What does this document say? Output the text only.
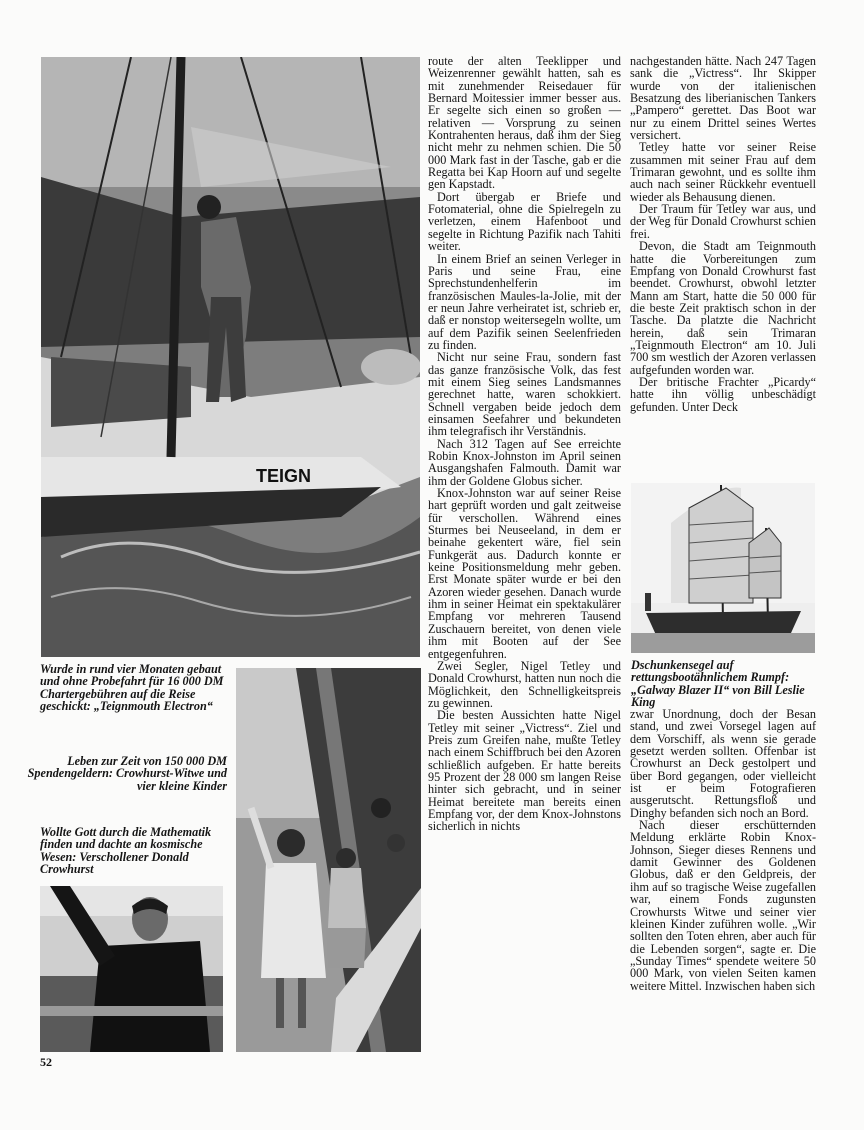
TEIGN
Wurde in rund vier Monaten gebaut und ohne Probefahrt für 16 000 DM Chartergebühren auf die Reise geschickt: „Teignmouth Electron“
Leben zur Zeit von 150 000 DM Spendengeldern: Crowhurst-Witwe und vier kleine Kinder
Wollte Gott durch die Mathematik finden und dachte an kosmische Wesen: Verschollener Donald Crowhurst
Dschunkensegel auf rettungsbootähnlichem Rumpf: „Galway Blazer II“ von Bill Leslie King

route der alten Teeklipper und Weizenrenner gewählt hatten, sah es mit zunehmender Reisedauer für Bernard Moitessier immer besser aus. Er segelte sich einen so großen — relativen — Vorsprung zu seinen Kontrahenten heraus, daß ihm der Sieg nicht mehr zu nehmen schien. Die 50 000 Mark fast in der Tasche, gab er die Regatta bei Kap Hoorn auf und segelte gen Kapstadt.

Dort übergab er Briefe und Fotomaterial, ohne die Spielregeln zu verletzen, einem Hafenboot und segelte in Richtung Pazifik nach Tahiti weiter.

In einem Brief an seinen Verleger in Paris und seine Frau, eine Sprechstundenhelferin im französischen Maules-la-Jolie, mit der er neun Jahre verheiratet ist, schrieb er, daß er nonstop weitersegeln wollte, um auf dem Pazifik seinen Seelenfrieden zu finden.

Nicht nur seine Frau, sondern fast das ganze französische Volk, das fest mit einem Sieg seines Landsmannes gerechnet hatte, waren schokkiert. Schnell vergaben beide jedoch dem einsamen Seefahrer und bekundeten ihm telegrafisch ihr Verständnis.

Nach 312 Tagen auf See erreichte Robin Knox-Johnston im April seinen Ausgangshafen Falmouth. Damit war ihm der Goldene Globus sicher.

Knox-Johnston war auf seiner Reise hart geprüft worden und galt zeitweise für verschollen. Während eines Sturmes bei Neuseeland, in dem er beinahe gekentert wäre, fiel sein Funkgerät aus. Dadurch konnte er keine Positionsmeldung mehr geben. Erst Monate später wurde er bei den Azoren wieder gesehen. Danach wurde ihm in seiner Heimat ein spektakulärer Empfang vor mehreren Tausend Zuschauern bereitet, von denen viele ihm mit Booten auf der See entgegenfuhren.

Zwei Segler, Nigel Tetley und Donald Crowhurst, hatten nun noch die Möglichkeit, den Schnelligkeitspreis zu gewinnen.

Die besten Aussichten hatte Nigel Tetley mit seiner „Victress“. Ziel und Preis zum Greifen nahe, mußte Tetley nach einem Schiffbruch bei den Azoren schließlich aufgeben. Er hatte bereits 95 Prozent der 28 000 sm langen Reise hinter sich gebracht, und in seiner Heimat bereitete man bereits einen Empfang vor, der dem Knox-Johnstons sicherlich in nichts

nachgestanden hätte. Nach 247 Tagen sank die „Victress“. Ihr Skipper wurde von der italienischen Besatzung des liberianischen Tankers „Pampero“ gerettet. Das Boot war nur zu einem Drittel seines Wertes versichert.

Tetley hatte vor seiner Reise zusammen mit seiner Frau auf dem Trimaran gewohnt, und es sollte ihm auch nach seiner Rückkehr eventuell wieder als Behausung dienen.

Der Traum für Tetley war aus, und der Weg für Donald Crowhurst schien frei.

Devon, die Stadt am Teignmouth hatte die Vorbereitungen zum Empfang von Donald Crowhurst fast beendet. Crowhurst, obwohl letzter Mann am Start, hatte die 50 000 für die beste Zeit praktisch schon in der Tasche. Da platzte die Nachricht herein, daß sein Trimaran „Teignmouth Electron“ am 10. Juli 700 sm westlich der Azoren verlassen aufgefunden worden war.

Der britische Frachter „Picardy“ hatte ihn völlig unbeschädigt gefunden. Unter Deck

zwar Unordnung, doch der Besan stand, und zwei Vorsegel lagen auf dem Vorschiff, als wenn sie gerade gesetzt werden sollten. Offenbar ist Crowhurst an Deck gestolpert und über Bord gegangen, oder vielleicht ist er beim Fotografieren ausgerutscht. Rettungsfloß und Dinghy befanden sich noch an Bord.

Nach dieser erschütternden Meldung erklärte Robin Knox-Johnson, Sieger dieses Rennens und damit Gewinner des Goldenen Globus, daß er den Geldpreis, der ihm auf so tragische Weise zugefallen war, einem Fonds zugunsten Crowhursts Witwe und seiner vier kleinen Kinder zuführen wolle. „Wir sollten den Toten ehren, aber auch für die Lebenden sorgen“, sagte er. Die „Sunday Times“ spendete weitere 50 000 Mark, von vielen Seiten kamen weitere Mittel. Inzwischen haben sich

52
